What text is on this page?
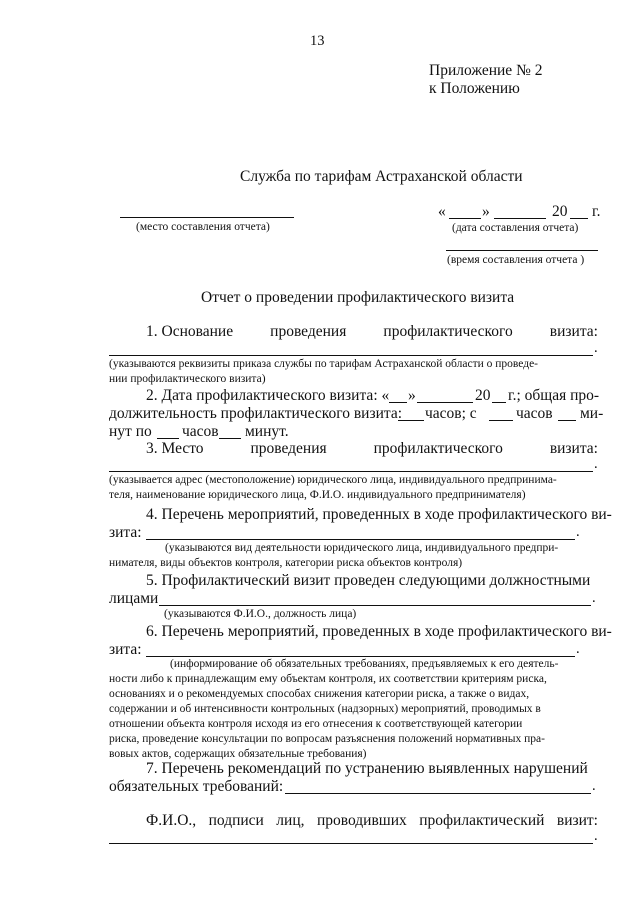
13
Приложение № 2
к Положению
Служба по тарифам Астраханской области
(место составления отчета)
« »	20 г.
(дата составления отчета)
(время составления отчета )
Отчет о проведении профилактического визита
1. Основание проведения профилактического визита:
.
(указываются реквизиты приказа службы по тарифам Астраханской области о проведе-
нии профилактического визита)
2. Дата профилактического визита: « »	20 г.; общая про-
должительность профилактического визита: часов; с	часов ми-
нут по часов минут.
3. Место	проведения	профилактического	визита:
.
(указывается адрес (местоположение) юридического лица, индивидуального предпринима-
теля, наименование юридического лица, Ф.И.О. индивидуального предпринимателя)
4. Перечень мероприятий, проведенных в ходе профилактического ви-
зита:	.
(указываются вид деятельности юридического лица, индивидуального предпри-
нимателя, виды объектов контроля, категории риска объектов контроля)
5. Профилактический визит проведен следующими должностными
лицами	.
(указываются Ф.И.О., должность лица)
6. Перечень мероприятий, проведенных в ходе профилактического ви-
зита:	.
(информирование об обязательных требованиях, предъявляемых к его деятель-
ности либо к принадлежащим ему объектам контроля, их соответствии критериям риска,
основаниях и о рекомендуемых способах снижения категории риска, а также о видах,
содержании и об интенсивности контрольных (надзорных) мероприятий, проводимых в
отношении объекта контроля исходя из его отнесения к соответствующей категории
риска, проведение консультации по вопросам разъяснения положений нормативных пра-
вовых актов, содержащих обязательные требования)
7. Перечень рекомендаций по устранению выявленных нарушений
обязательных требований:	.
Ф.И.О., подписи лиц, проводивших профилактический визит:
.
